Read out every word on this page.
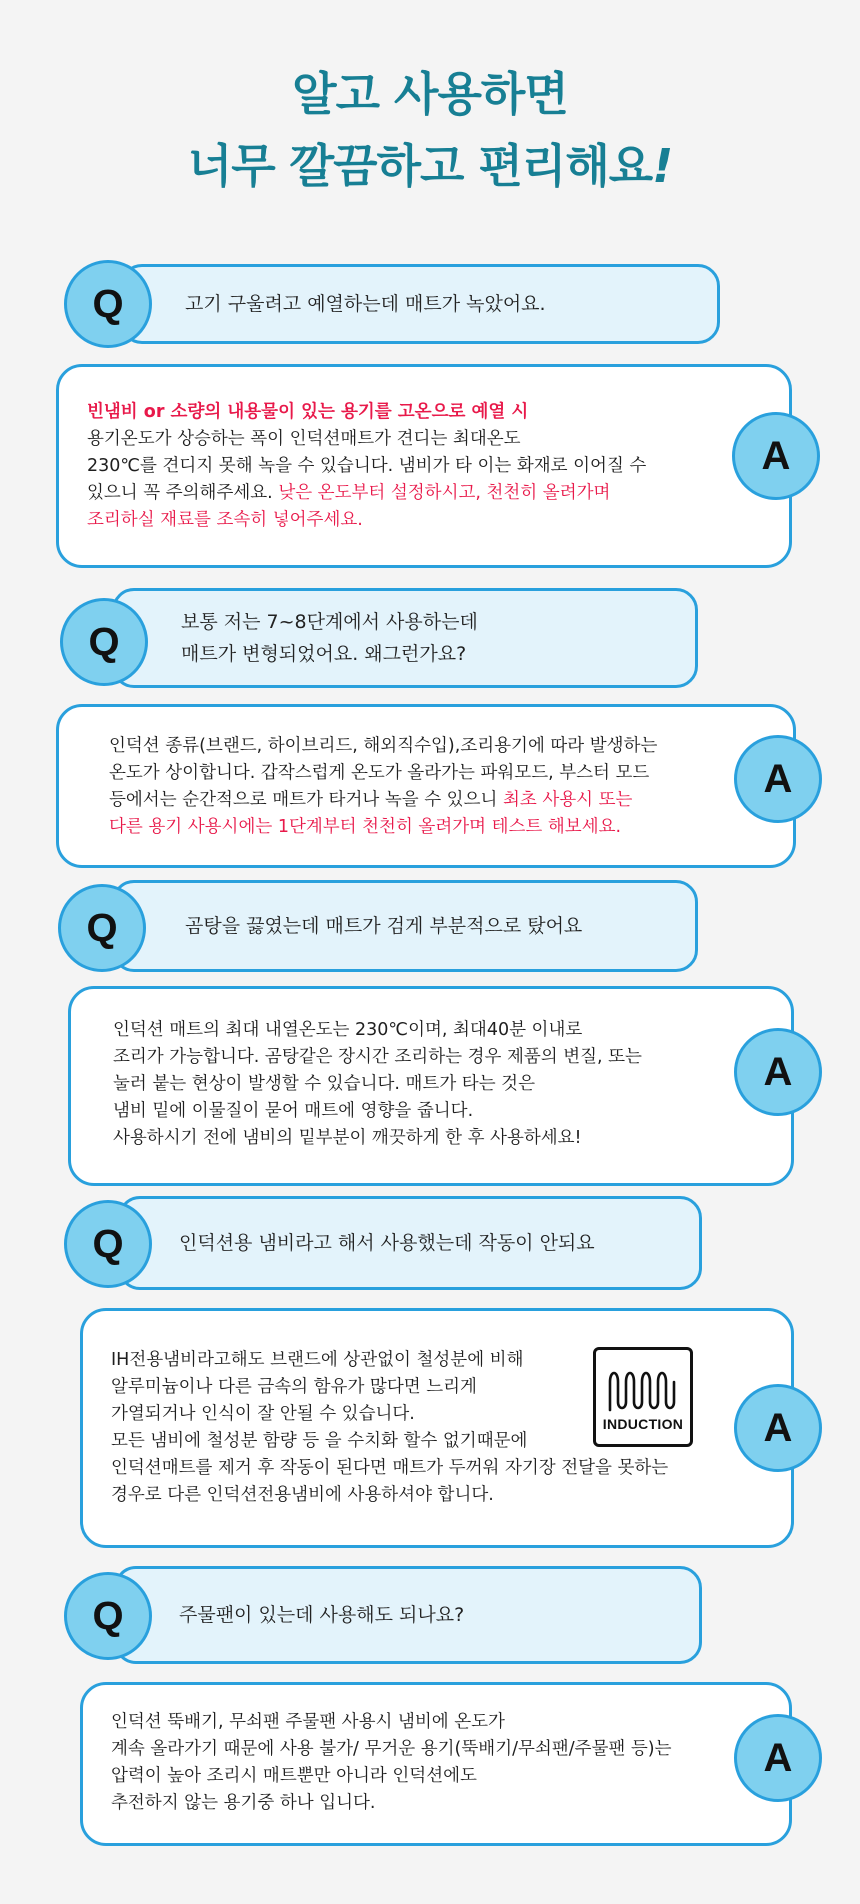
알고 사용하면
너무 깔끔하고 편리해요!
고기 구울려고 예열하는데 매트가 녹았어요.
Q
빈냄비 or 소량의 내용물이 있는 용기를 고온으로 예열 시
용기온도가 상승하는 폭이 인덕션매트가 견디는 최대온도
230℃를 견디지 못해 녹을 수 있습니다. 냄비가 타 이는 화재로 이어질 수
있으니 꼭 주의해주세요. 낮은 온도부터 설정하시고, 천천히 올려가며
조리하실 재료를 조속히 넣어주세요.
A
보통 저는 7~8단계에서 사용하는데
매트가 변형되었어요. 왜그런가요?
Q
인덕션 종류(브랜드, 하이브리드, 해외직수입),조리용기에 따라 발생하는
온도가 상이합니다. 갑작스럽게 온도가 올라가는 파워모드, 부스터 모드
등에서는 순간적으로 매트가 타거나 녹을 수 있으니 최초 사용시 또는
다른 용기 사용시에는 1단계부터 천천히 올려가며 테스트 해보세요.
A
곰탕을 끓였는데 매트가 검게 부분적으로 탔어요
Q
인덕션 매트의 최대 내열온도는 230℃이며, 최대40분 이내로
조리가 가능합니다. 곰탕같은 장시간 조리하는 경우 제품의 변질, 또는
눌러 붙는 현상이 발생할 수 있습니다. 매트가 타는 것은
냄비 밑에 이물질이 묻어 매트에 영향을 줍니다.
사용하시기 전에 냄비의 밑부분이 깨끗하게 한 후 사용하세요!
A
인덕션용 냄비라고 해서 사용했는데 작동이 안되요
Q
IH전용냄비라고해도 브랜드에 상관없이 철성분에 비해
알루미늄이나 다른 금속의 함유가 많다면 느리게
가열되거나 인식이 잘 안될 수 있습니다.
모든 냄비에 철성분 함량 등 을 수치화 할수 없기때문에
인덕션매트를 제거 후 작동이 된다면 매트가 두꺼워 자기장 전달을 못하는
경우로 다른 인덕션전용냄비에 사용하셔야 합니다.
INDUCTION	A
주물팬이 있는데 사용해도 되나요?
Q
인덕션 뚝배기, 무쇠팬 주물팬 사용시 냄비에 온도가
계속 올라가기 때문에 사용 불가/ 무거운 용기(뚝배기/무쇠팬/주물팬 등)는
압력이 높아 조리시 매트뿐만 아니라 인덕션에도
추전하지 않는 용기중 하나 입니다.
A
